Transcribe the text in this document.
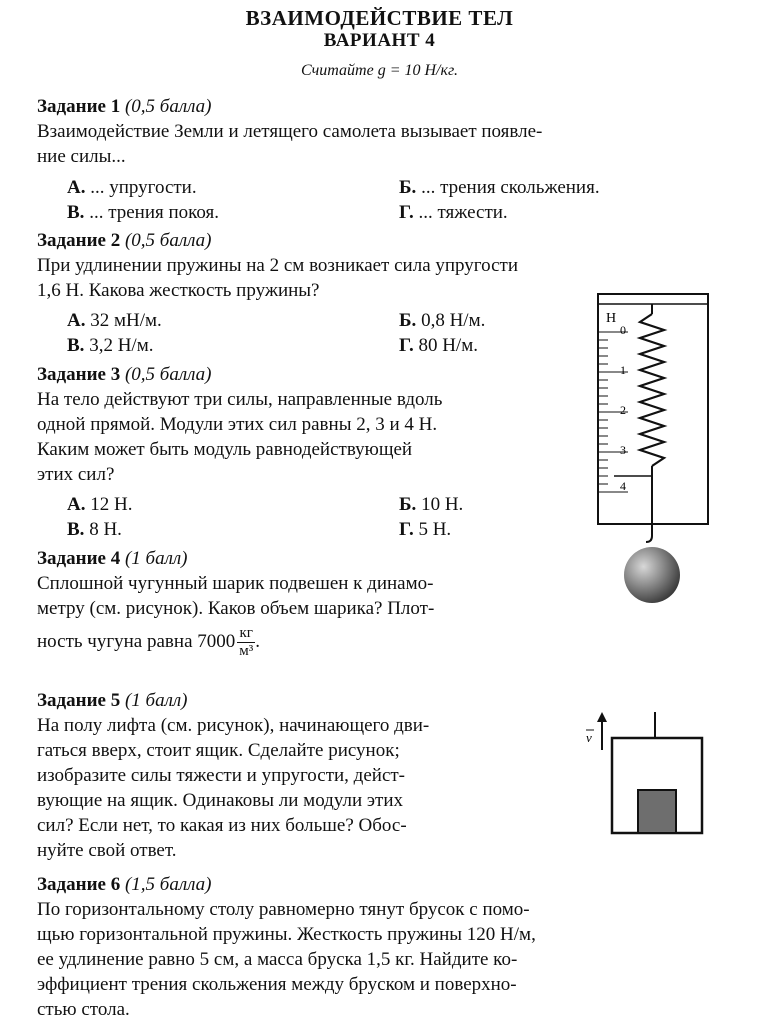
ВЗАИМОДЕЙСТВИЕ ТЕЛ
ВАРИАНТ 4
Считайте g = 10 Н/кг.
Задание 1 (0,5 балла)
Взаимодействие Земли и летящего самолета вызывает появле-
ние силы...
А. ... упругости.	Б. ... трения скольжения.
В. ... трения покоя.	Г. ... тяжести.
Задание 2 (0,5 балла)
При удлинении пружины на 2 см возникает сила упругости
1,6 Н. Какова жесткость пружины?
А. 32 мН/м.	Б. 0,8 Н/м.
В. 3,2 Н/м.	Г. 80 Н/м.
Задание 3 (0,5 балла)
На тело действуют три силы, направленные вдоль
одной прямой. Модули этих сил равны 2, 3 и 4 Н.
Каким может быть модуль равнодействующей
этих сил?
А. 12 Н.	Б. 10 Н.
В. 8 Н.	Г. 5 Н.
Задание 4 (1 балл)
Сплошной чугунный шарик подвешен к динамо-
метру (см. рисунок). Каков объем шарика? Плот-
ность чугуна равна $7000 \frac{кг}{\text{м³}}$ .
Задание 5 (1 балл)
На полу лифта (см. рисунок), начинающего дви-
гаться вверх, стоит ящик. Сделайте рисунок;
изобразите силы тяжести и упругости, дейст-
вующие на ящик. Одинаковы ли модули этих
сил? Если нет, то какая из них больше? Обос-
нуйте свой ответ.
Задание 6 (1,5 балла)
По горизонтальному столу равномерно тянут брусок с помо-
щью горизонтальной пружины. Жесткость пружины 120 Н/м,
ее удлинение равно 5 см, а масса бруска 1,5 кг. Найдите ко-
эффициент трения скольжения между бруском и поверхно-
стью стола.
Н
0
1
2
3
4
v
